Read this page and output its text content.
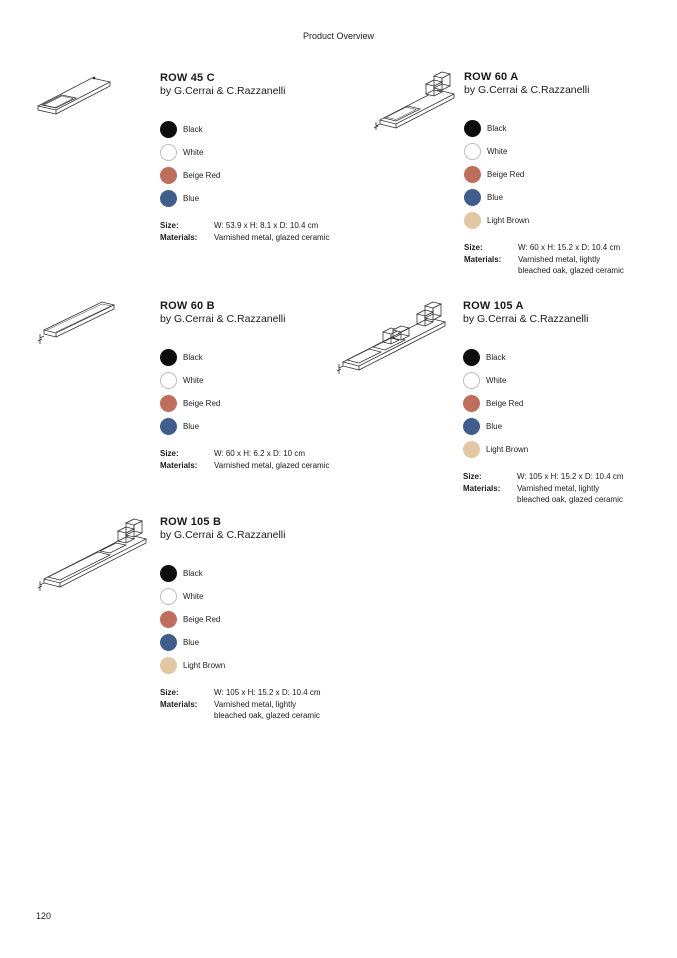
Product Overview
ROW 45 C
by G.Cerrai & C.Razzanelli
Black
White
Beige Red
Blue
Size:	W: 53.9 x H: 8.1 x D: 10.4 cm
Materials:	Varnished metal, glazed ceramic
ROW 60 A
by G.Cerrai & C.Razzanelli
Black
White
Beige Red
Blue
Light Brown
Size:	W: 60 x H: 15.2 x D: 10.4 cm
Materials:	Varnished metal, lightly
bleached oak, glazed ceramic
ROW 60 B
by G.Cerrai & C.Razzanelli
Black
White
Beige Red
Blue
Size:	W: 60 x H: 6.2 x D: 10 cm
Materials:	Varnished metal, glazed ceramic
ROW 105 A
by G.Cerrai & C.Razzanelli
Black
White
Beige Red
Blue
Light Brown
Size:	W: 105 x H: 15.2 x D: 10.4 cm
Materials:	Varnished metal, lightly
bleached oak, glazed ceramic
ROW 105 B
by G.Cerrai & C.Razzanelli
Black
White
Beige Red
Blue
Light Brown
Size:	W: 105 x H: 15.2 x D: 10.4 cm
Materials:	Varnished metal, lightly
bleached oak, glazed ceramic
120
